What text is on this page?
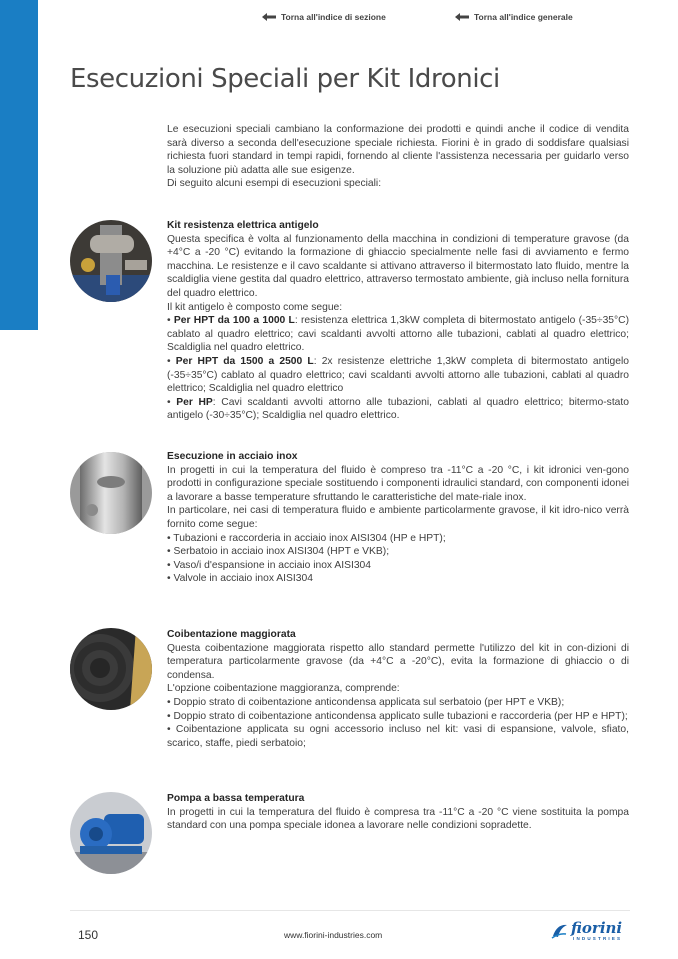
Torna all'indice di sezione	Torna all'indice generale
Esecuzioni Speciali per Kit Idronici

Le esecuzioni speciali cambiano la conformazione dei prodotti e quindi anche il codice di vendita sarà diverso a seconda dell'esecuzione speciale richiesta. Fiorini è in grado di soddisfare qualsiasi richiesta fuori standard in tempi rapidi, fornendo al cliente l'assistenza necessaria per guidarlo verso la soluzione più adatta alle sue esigenze.

Di seguito alcuni esempi di esecuzioni speciali:

Kit resistenza elettrica antigelo

Questa specifica è volta al funzionamento della macchina in condizioni di temperature gravose (da +4°C a -20 °C) evitando la formazione di ghiaccio specialmente nelle fasi di avviamento e fermo macchina. Le resistenze e il cavo scaldante si attivano attraverso il bitermostato lato fluido, mentre la scaldiglia viene gestita dal quadro elettrico, attraverso termostato ambiente, già incluso nella fornitura del quadro elettrico.

Il kit antigelo è composto come segue:

• Per HPT da 100 a 1000 L: resistenza elettrica 1,3kW completa di bitermostato antigelo (-35÷35°C) cablato al quadro elettrico; cavi scaldanti avvolti attorno alle tubazioni, cablati al quadro elettrico; Scaldiglia nel quadro elettrico.

• Per HPT da 1500 a 2500 L: 2x resistenze elettriche 1,3kW completa di bitermostato antigelo (-35÷35°C) cablato al quadro elettrico; cavi scaldanti avvolti attorno alle tubazioni, cablati al quadro elettrico; Scaldiglia nel quadro elettrico

• Per HP: Cavi scaldanti avvolti attorno alle tubazioni, cablati al quadro elettrico; bitermo-stato antigelo (-30÷35°C); Scaldiglia nel quadro elettrico.

Esecuzione in acciaio inox

In progetti in cui la temperatura del fluido è compreso tra -11°C a -20 °C, i kit idronici ven-gono prodotti in configurazione speciale sostituendo i componenti idraulici standard, con componenti idonei a lavorare a basse temperature sfruttando le caratteristiche del mate-riale inox.

In particolare, nei casi di temperatura fluido e ambiente particolarmente gravose, il kit idro-nico verrà fornito come segue:

• Tubazioni e raccorderia in acciaio inox AISI304 (HP e HPT);

• Serbatoio in acciaio inox AISI304 (HPT e VKB);

• Vaso/i d'espansione in acciaio inox AISI304

• Valvole in acciaio inox AISI304

Coibentazione maggiorata

Questa coibentazione maggiorata rispetto allo standard permette l'utilizzo del kit in con-dizioni di temperatura particolarmente gravose (da +4°C a -20°C), evita la formazione di ghiaccio o di condensa.

L'opzione coibentazione maggioranza, comprende:

• Doppio strato di coibentazione anticondensa applicata sul serbatoio (per HPT e VKB);

• Doppio strato di coibentazione anticondensa applicato sulle tubazioni e raccorderia (per HP e HPT);

• Coibentazione applicata su ogni accessorio incluso nel kit: vasi di espansione, valvole, sfiato, scarico, staffe, piedi serbatoio;

Pompa a bassa temperatura

In progetti in cui la temperatura del fluido è compresa tra -11°C a -20 °C viene sostituita la pompa standard con una pompa speciale idonea a lavorare nelle condizioni sopradette.

150	www.fiorini-industries.com	fiorini
INDUSTRIES
